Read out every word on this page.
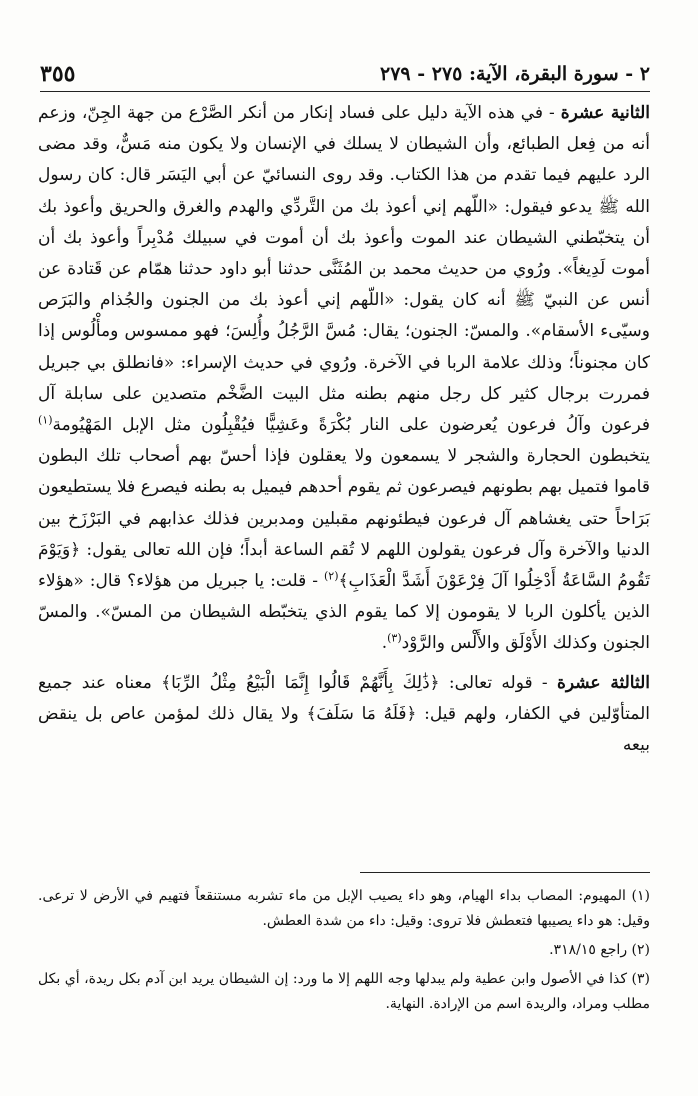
٢ - سورة البقرة، الآية: ٢٧٥ - ٢٧٩
٣٥٥

الثانية عشرة - في هذه الآية دليل على فساد إنكار من أنكر الصَّرْع من جهة الجِنّ، وزعم أنه من فِعل الطبائع، وأن الشيطان لا يسلك في الإنسان ولا يكون منه مَسٌّ، وقد مضى الرد عليهم فيما تقدم من هذا الكتاب. وقد روى النسائيّ عن أبي اليَسَر قال: كان رسول الله ﷺ يدعو فيقول: «اللّهم إني أعوذ بك من التَّردِّي والهدم والغرق والحريق وأعوذ بك أن يتخبّطني الشيطان عند الموت وأعوذ بك أن أموت في سبيلك مُدْبِراً وأعوذ بك أن أموت لَدِيغاً». ورُوي من حديث محمد بن المُثَنَّى حدثنا أبو داود حدثنا همّام عن قَتادة عن أنس عن النبيّ ﷺ أنه كان يقول: «اللّهم إني أعوذ بك من الجنون والجُذام والبَرَص وسيّىء الأسقام». والمسّ: الجنون؛ يقال: مُسَّ الرَّجُلُ وأُلِسَ؛ فهو ممسوس ومأْلُوس إذا كان مجنوناً؛ وذلك علامة الربا في الآخرة. ورُوي في حديث الإسراء: «فانطلق بي جبريل فمررت برجال كثير كل رجل منهم بطنه مثل البيت الضَّخْم متصدين على سابلة آل فرعون وآلُ فرعون يُعرضون على النار بُكْرَةً وعَشِيًّا فيُقْبِلُون مثل الإبل المَهْيُومة$^{(١)}$ يتخبطون الحجارة والشجر لا يسمعون ولا يعقلون فإذا أحسّ بهم أصحاب تلك البطون قاموا فتميل بهم بطونهم فيصرعون ثم يقوم أحدهم فيميل به بطنه فيصرع فلا يستطيعون بَرَاحاً حتى يغشاهم آل فرعون فيطئونهم مقبلين ومدبرين فذلك عذابهم في البَرْزَخ بين الدنيا والآخرة وآل فرعون يقولون اللهم لا تُقم الساعة أبداً؛ فإن الله تعالى يقول: ﴿وَيَوْمَ تَقُومُ السَّاعَةُ أَدْخِلُوا آلَ فِرْعَوْنَ أَشَدَّ الْعَذَابِ﴾$^{(٢)}$ - قلت: يا جبريل من هؤلاء؟ قال: «هؤلاء الذين يأكلون الربا لا يقومون إلا كما يقوم الذي يتخبّطه الشيطان من المسّ». والمسّ الجنون وكذلك الأَوْلَق والأَلْس والرَّوْد$^{(٣)}$.

الثالثة عشرة - قوله تعالى: ﴿ذَٰلِكَ بِأَنَّهُمْ قَالُوا إِنَّمَا الْبَيْعُ مِثْلُ الرِّبَا﴾ معناه عند جميع المتأوّلين في الكفار، ولهم قيل: ﴿فَلَهُ مَا سَلَفَ﴾ ولا يقال ذلك لمؤمن عاص بل ينقض بيعه

(١) المهيوم: المصاب بداء الهيام، وهو داء يصيب الإبل من ماء تشربه مستنقعاً فتهيم في الأرض لا ترعى. وقيل: هو داء يصيبها فتعطش فلا تروى: وقيل: داء من شدة العطش.

(٢) راجع ٣١٨/١٥.

(٣) كذا في الأصول وابن عطية ولم يبدلها وجه اللهم إلا ما ورد: إن الشيطان يريد ابن آدم بكل ريدة، أي بكل مطلب ومراد، والريدة اسم من الإرادة. النهاية.
